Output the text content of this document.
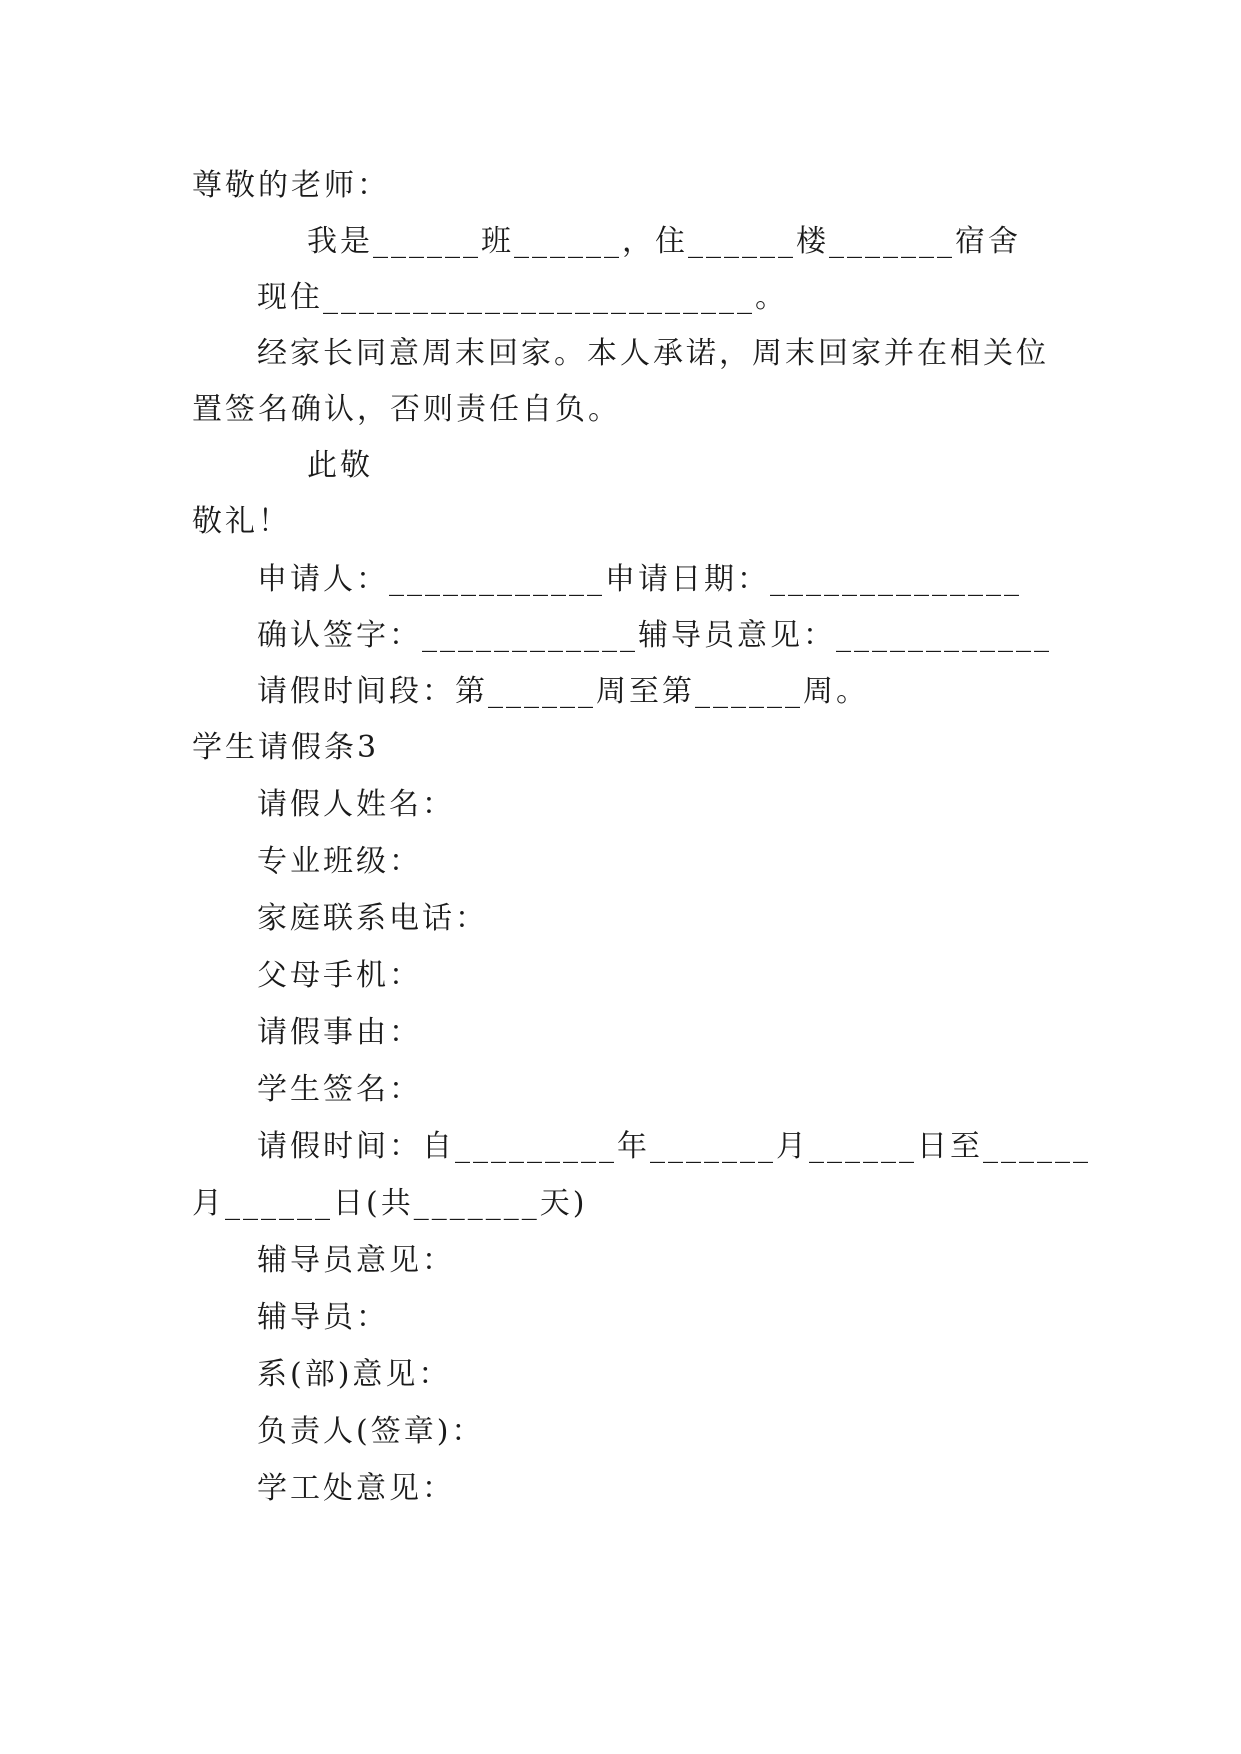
尊敬的老师：
我是______班______，住______楼_______宿舍
现住________________________。
经家长同意周末回家。本人承诺，周末回家并在相关位
置签名确认，否则责任自负。
此敬
敬礼！
申请人：____________申请日期：______________
确认签字：____________辅导员意见：____________
请假时间段：第______周至第______周。
学生请假条3
请假人姓名：
专业班级：
家庭联系电话：
父母手机：
请假事由：
学生签名：
请假时间：自_________年_______月______日至______
月______日(共_______天)
辅导员意见：
辅导员：
系(部)意见：
负责人(签章)：
学工处意见：
